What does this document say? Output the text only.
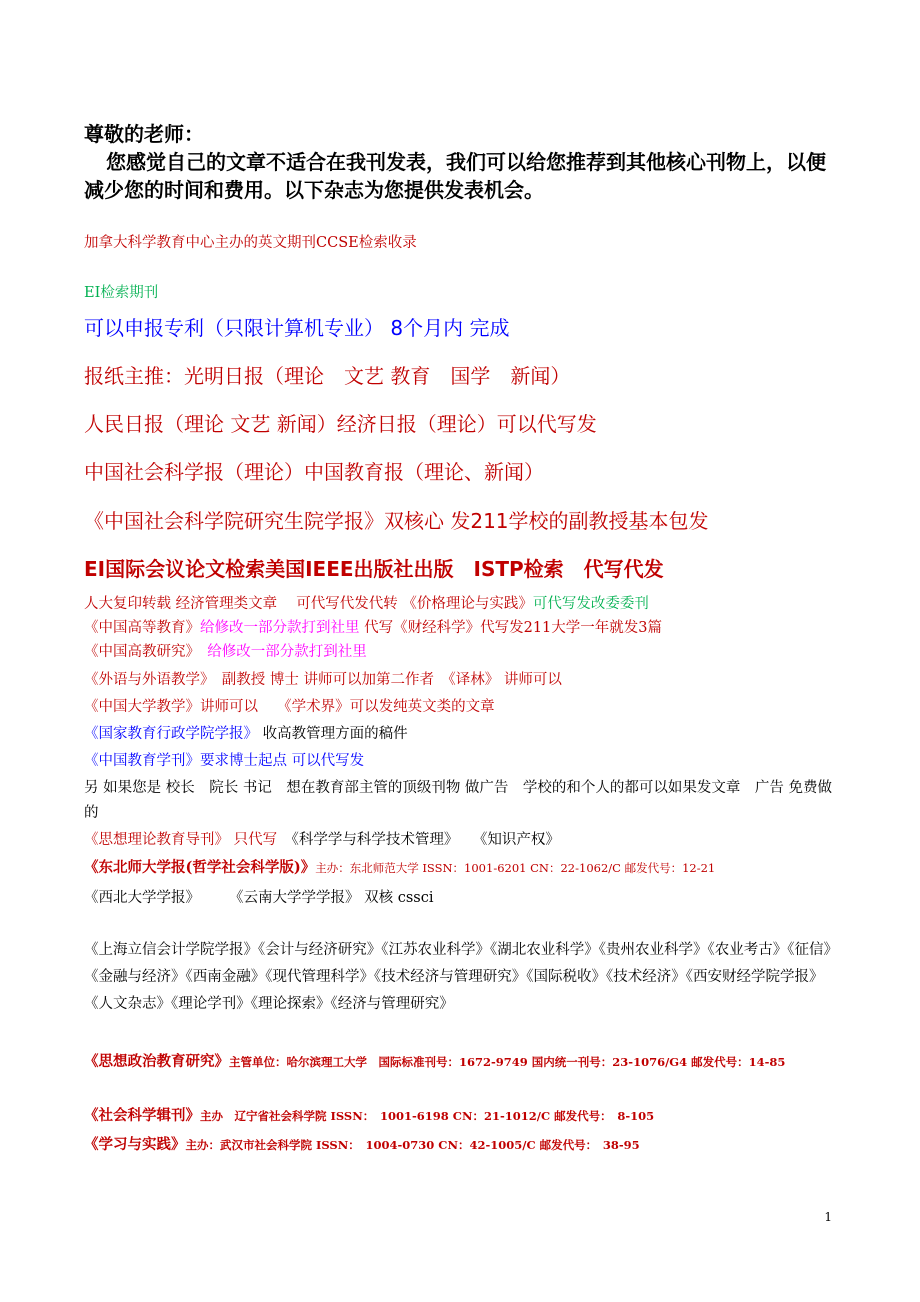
尊敬的老师：
您感觉自己的文章不适合在我刊发表，我们可以给您推荐到其他核心刊物上，以便减少您的时间和费用。以下杂志为您提供发表机会。
加拿大科学教育中心主办的英文期刊CCSE检索收录
EI检索期刊
可以申报专利（只限计算机专业） 8个月内 完成
报纸主推：光明日报（理论　文艺 教育　国学　新闻）
人民日报（理论 文艺 新闻）经济日报（理论）可以代写发
中国社会科学报（理论）中国教育报（理论、新闻）
《中国社会科学院研究生院学报》双核心 发211学校的副教授基本包发
EI国际会议论文检索美国IEEE出版社出版　ISTP检索　代写代发
人大复印转载 经济管理类文章　 可代写代发代转 《价格理论与实践》可代写发改委委刊
《中国高等教育》给修改一部分款打到社里 代写《财经科学》代写发211大学一年就发3篇
《中国高教研究》　给修改一部分款打到社里
《外语与外语教学》　副教授 博士 讲师可以加第二作者　《译林》 讲师可以
《中国大学教学》讲师可以　 《学术界》可以发纯英文类的文章
《国家教育行政学院学报》 收高教管理方面的稿件
《中国教育学刊》要求博士起点 可以代写发
另 如果您是 校长　院长 书记　想在教育部主管的顶级刊物 做广告　学校的和个人的都可以如果发文章　广告 免费做的
《思想理论教育导刊》 只代写　《科学学与科学技术管理》　　《知识产权》
《东北师大学报(哲学社会科学版)》主办：东北师范大学 ISSN：1001-6201 CN：22-1062/C 邮发代号：12-21
《西北大学学报》　　　《云南大学学学报》 双核 cssci
《上海立信会计学院学报》《会计与经济研究》《江苏农业科学》《湖北农业科学》《贵州农业科学》《农业考古》《征信》《金融与经济》《西南金融》《现代管理科学》《技术经济与管理研究》《国际税收》《技术经济》《西安财经学院学报》《人文杂志》《理论学刊》《理论探索》《经济与管理研究》
《思想政治教育研究》主管单位：哈尔滨理工大学　国际标准刊号：1672-9749 国内统一刊号：23-1076/G4 邮发代号：14-85
《社会科学辑刊》主办　辽宁省社会科学院 ISSN：　1001-6198 CN：21-1012/C 邮发代号：　8-105
《学习与实践》主办：武汉市社会科学院 ISSN：　1004-0730 CN：42-1005/C 邮发代号：　38-95
1
